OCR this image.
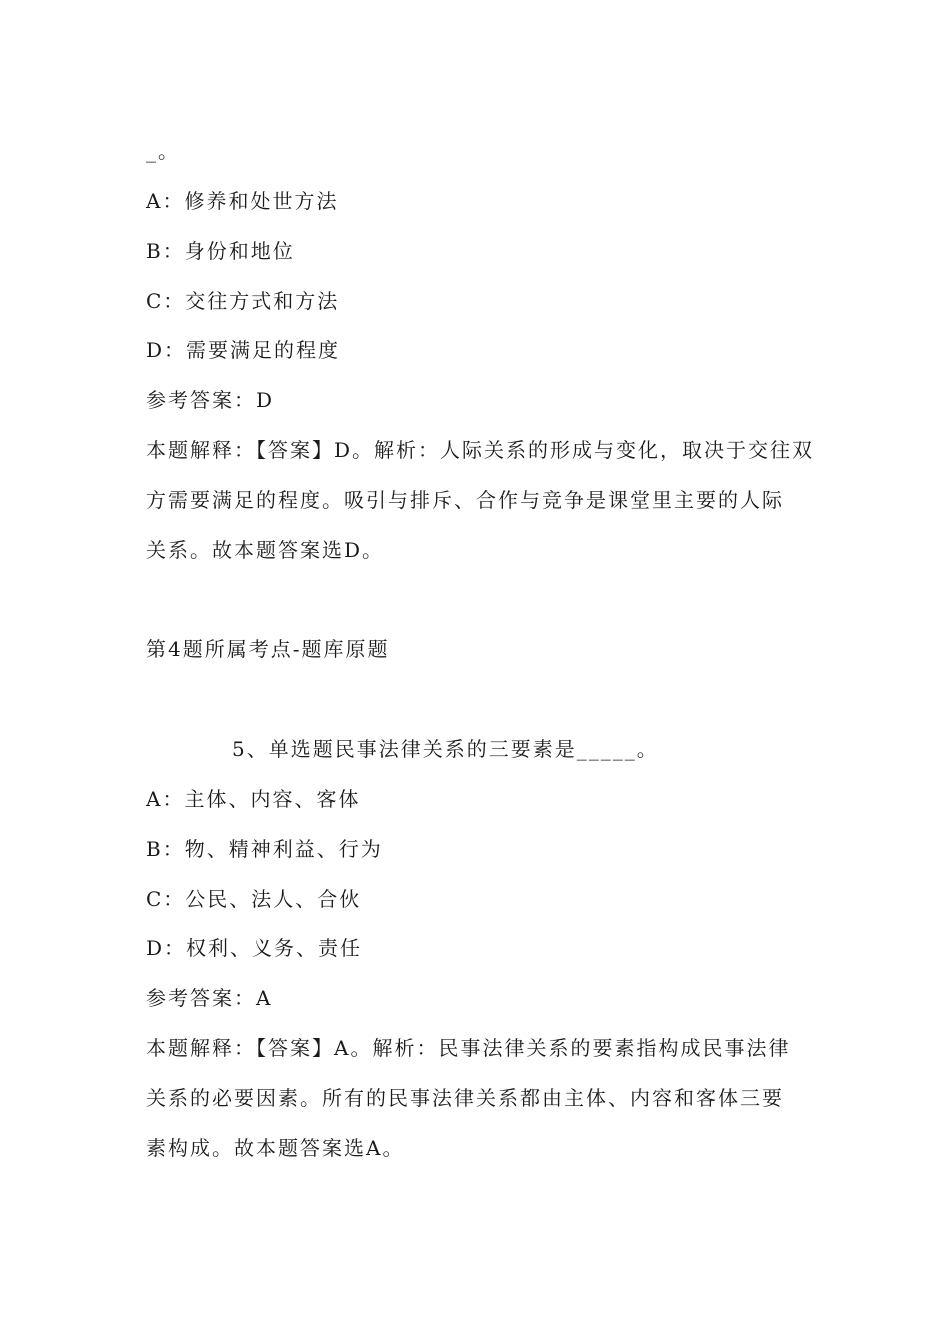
_。
A：修养和处世方法
B：身份和地位
C：交往方式和方法
D：需要满足的程度
参考答案：D
本题解释：【答案】D。解析：人际关系的形成与变化，取决于交往双
方需要满足的程度。吸引与排斥、合作与竞争是课堂里主要的人际
关系。故本题答案选D。
第4题所属考点-题库原题
5、单选题民事法律关系的三要素是_____。
A：主体、内容、客体
B：物、精神利益、行为
C：公民、法人、合伙
D：权利、义务、责任
参考答案：A
本题解释：【答案】A。解析：民事法律关系的要素指构成民事法律
关系的必要因素。所有的民事法律关系都由主体、内容和客体三要
素构成。故本题答案选A。
